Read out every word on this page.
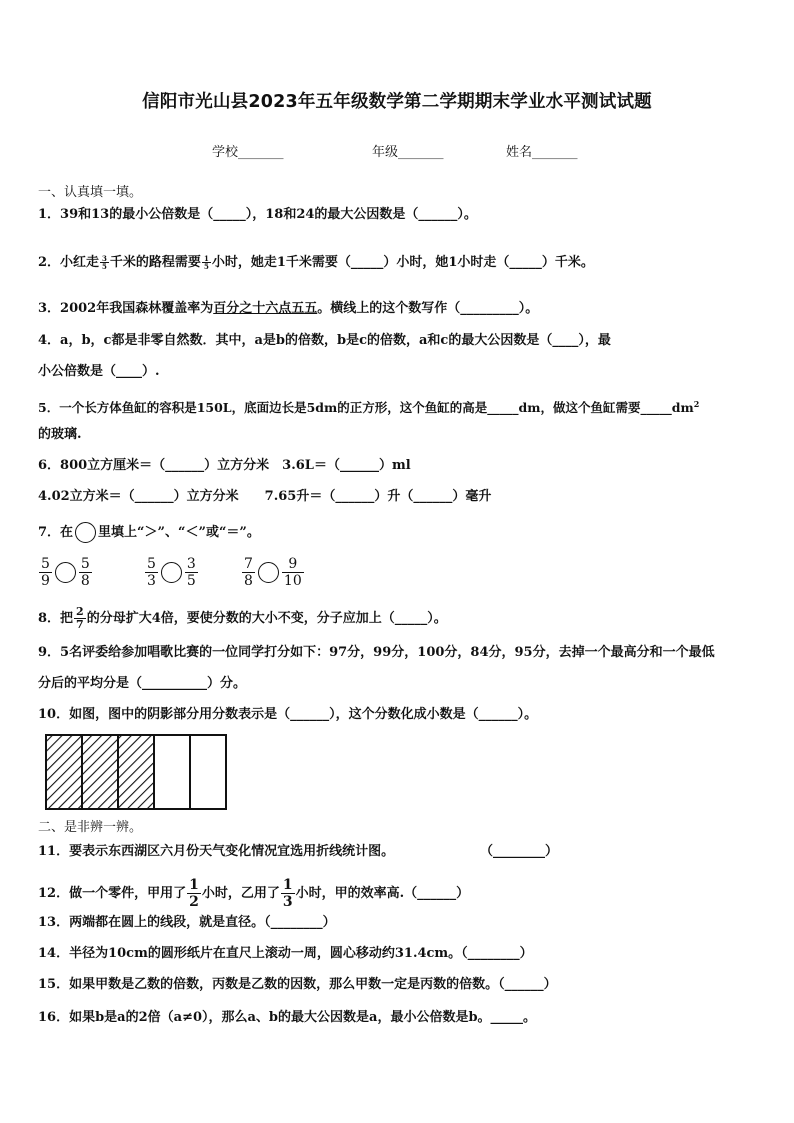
信阳市光山县2023年五年级数学第二学期期末学业水平测试试题
学校_______	年级_______	姓名_______
一、认真填一填。
1．39和13的最小公倍数是（_____），18和24的最大公因数是（______）。
2．小红走 $\frac{3}{5}$ 千米的路程需要 $\frac{1}{5}$ 小时，她走1千米需要（_____）小时，她1小时走（_____）千米。
3．2002年我国森林覆盖率为百分之十六点五五。横线上的这个数写作（_________）。
4．a，b，c都是非零自然数．其中，a是b的倍数，b是c的倍数，a和c的最大公因数是（____），最
小公倍数是（____）.
5．一个长方体鱼缸的容积是150L，底面边长是5dm的正方形，这个鱼缸的高是_____dm，做这个鱼缸需要$\_\_\_\_\_dm^2$
的玻璃.
6．800立方厘米＝（______）立方分米　3.6L＝（______）ml
4.02立方米＝（______）立方分米　　7.65升＝（______）升（______）毫升
7．在 里填上“＞”、“＜”或“＝”。
$\frac{5}{9} \frac{5}{8}$	$\frac{5}{3} \frac{3}{5}$	$\frac{7}{8} \frac{9}{10}$
8．把 $\frac{2}{7}$ 的分母扩大4倍，要使分数的大小不变，分子应加上（_____）。
9．5名评委给参加唱歌比赛的一位同学打分如下：97分，99分，100分，84分，95分，去掉一个最高分和一个最低
分后的平均分是（__________）分。
10．如图，图中的阴影部分用分数表示是（______），这个分数化成小数是（______）。
二、是非辨一辨。
11．要表示东西湖区六月份天气变化情况宜选用折线统计图。	（________）
12．做一个零件，甲用了 $\frac{1}{2}$ 小时，乙用了 $\frac{1}{3}$ 小时，甲的效率高.（______）
13．两端都在圆上的线段，就是直径。（________）
14．半径为10cm的圆形纸片在直尺上滚动一周，圆心移动约31.4cm。（________）
15．如果甲数是乙数的倍数，丙数是乙数的因数，那么甲数一定是丙数的倍数。（______）
16．如果b是a的2倍（a≠0），那么a、b的最大公因数是a，最小公倍数是b。_____。
